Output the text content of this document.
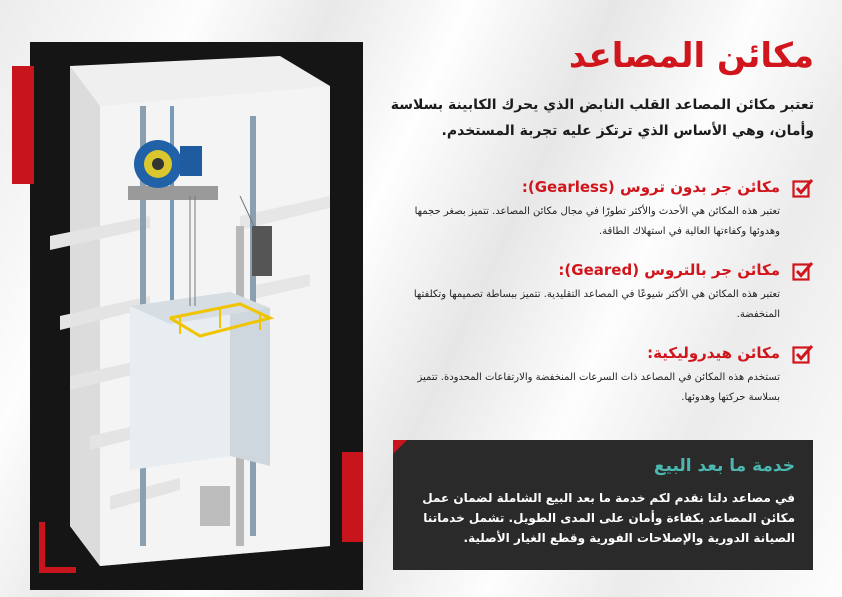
مكائن المصاعد

تعتبر مكائن المصاعد القلب النابض الذي يحرك الكابينة بسلاسة وأمان، وهي الأساس الذي ترتكز عليه تجربة المستخدم.

مكائن جر بدون تروس (Gearless):

تعتبر هذه المكائن هي الأحدث والأكثر تطورًا في مجال مكائن المصاعد. تتميز بصغر حجمها وهدوئها وكفاءتها العالية في استهلاك الطاقة.

مكائن جر بالتروس (Geared):

تعتبر هذه المكائن هي الأكثر شيوعًا في المصاعد التقليدية. تتميز ببساطة تصميمها وتكلفتها المنخفضة.

مكائن هيدروليكية:

تستخدم هذه المكائن في المصاعد ذات السرعات المنخفضة والارتفاعات المحدودة. تتميز بسلاسة حركتها وهدوئها.

خدمة ما بعد البيع

في مصاعد دلتا نقدم لكم خدمة ما بعد البيع الشاملة لضمان عمل مكائن المصاعد بكفاءة وأمان على المدى الطويل. تشمل خدماتنا الصيانة الدورية والإصلاحات الفورية وقطع الغيار الأصلية.
